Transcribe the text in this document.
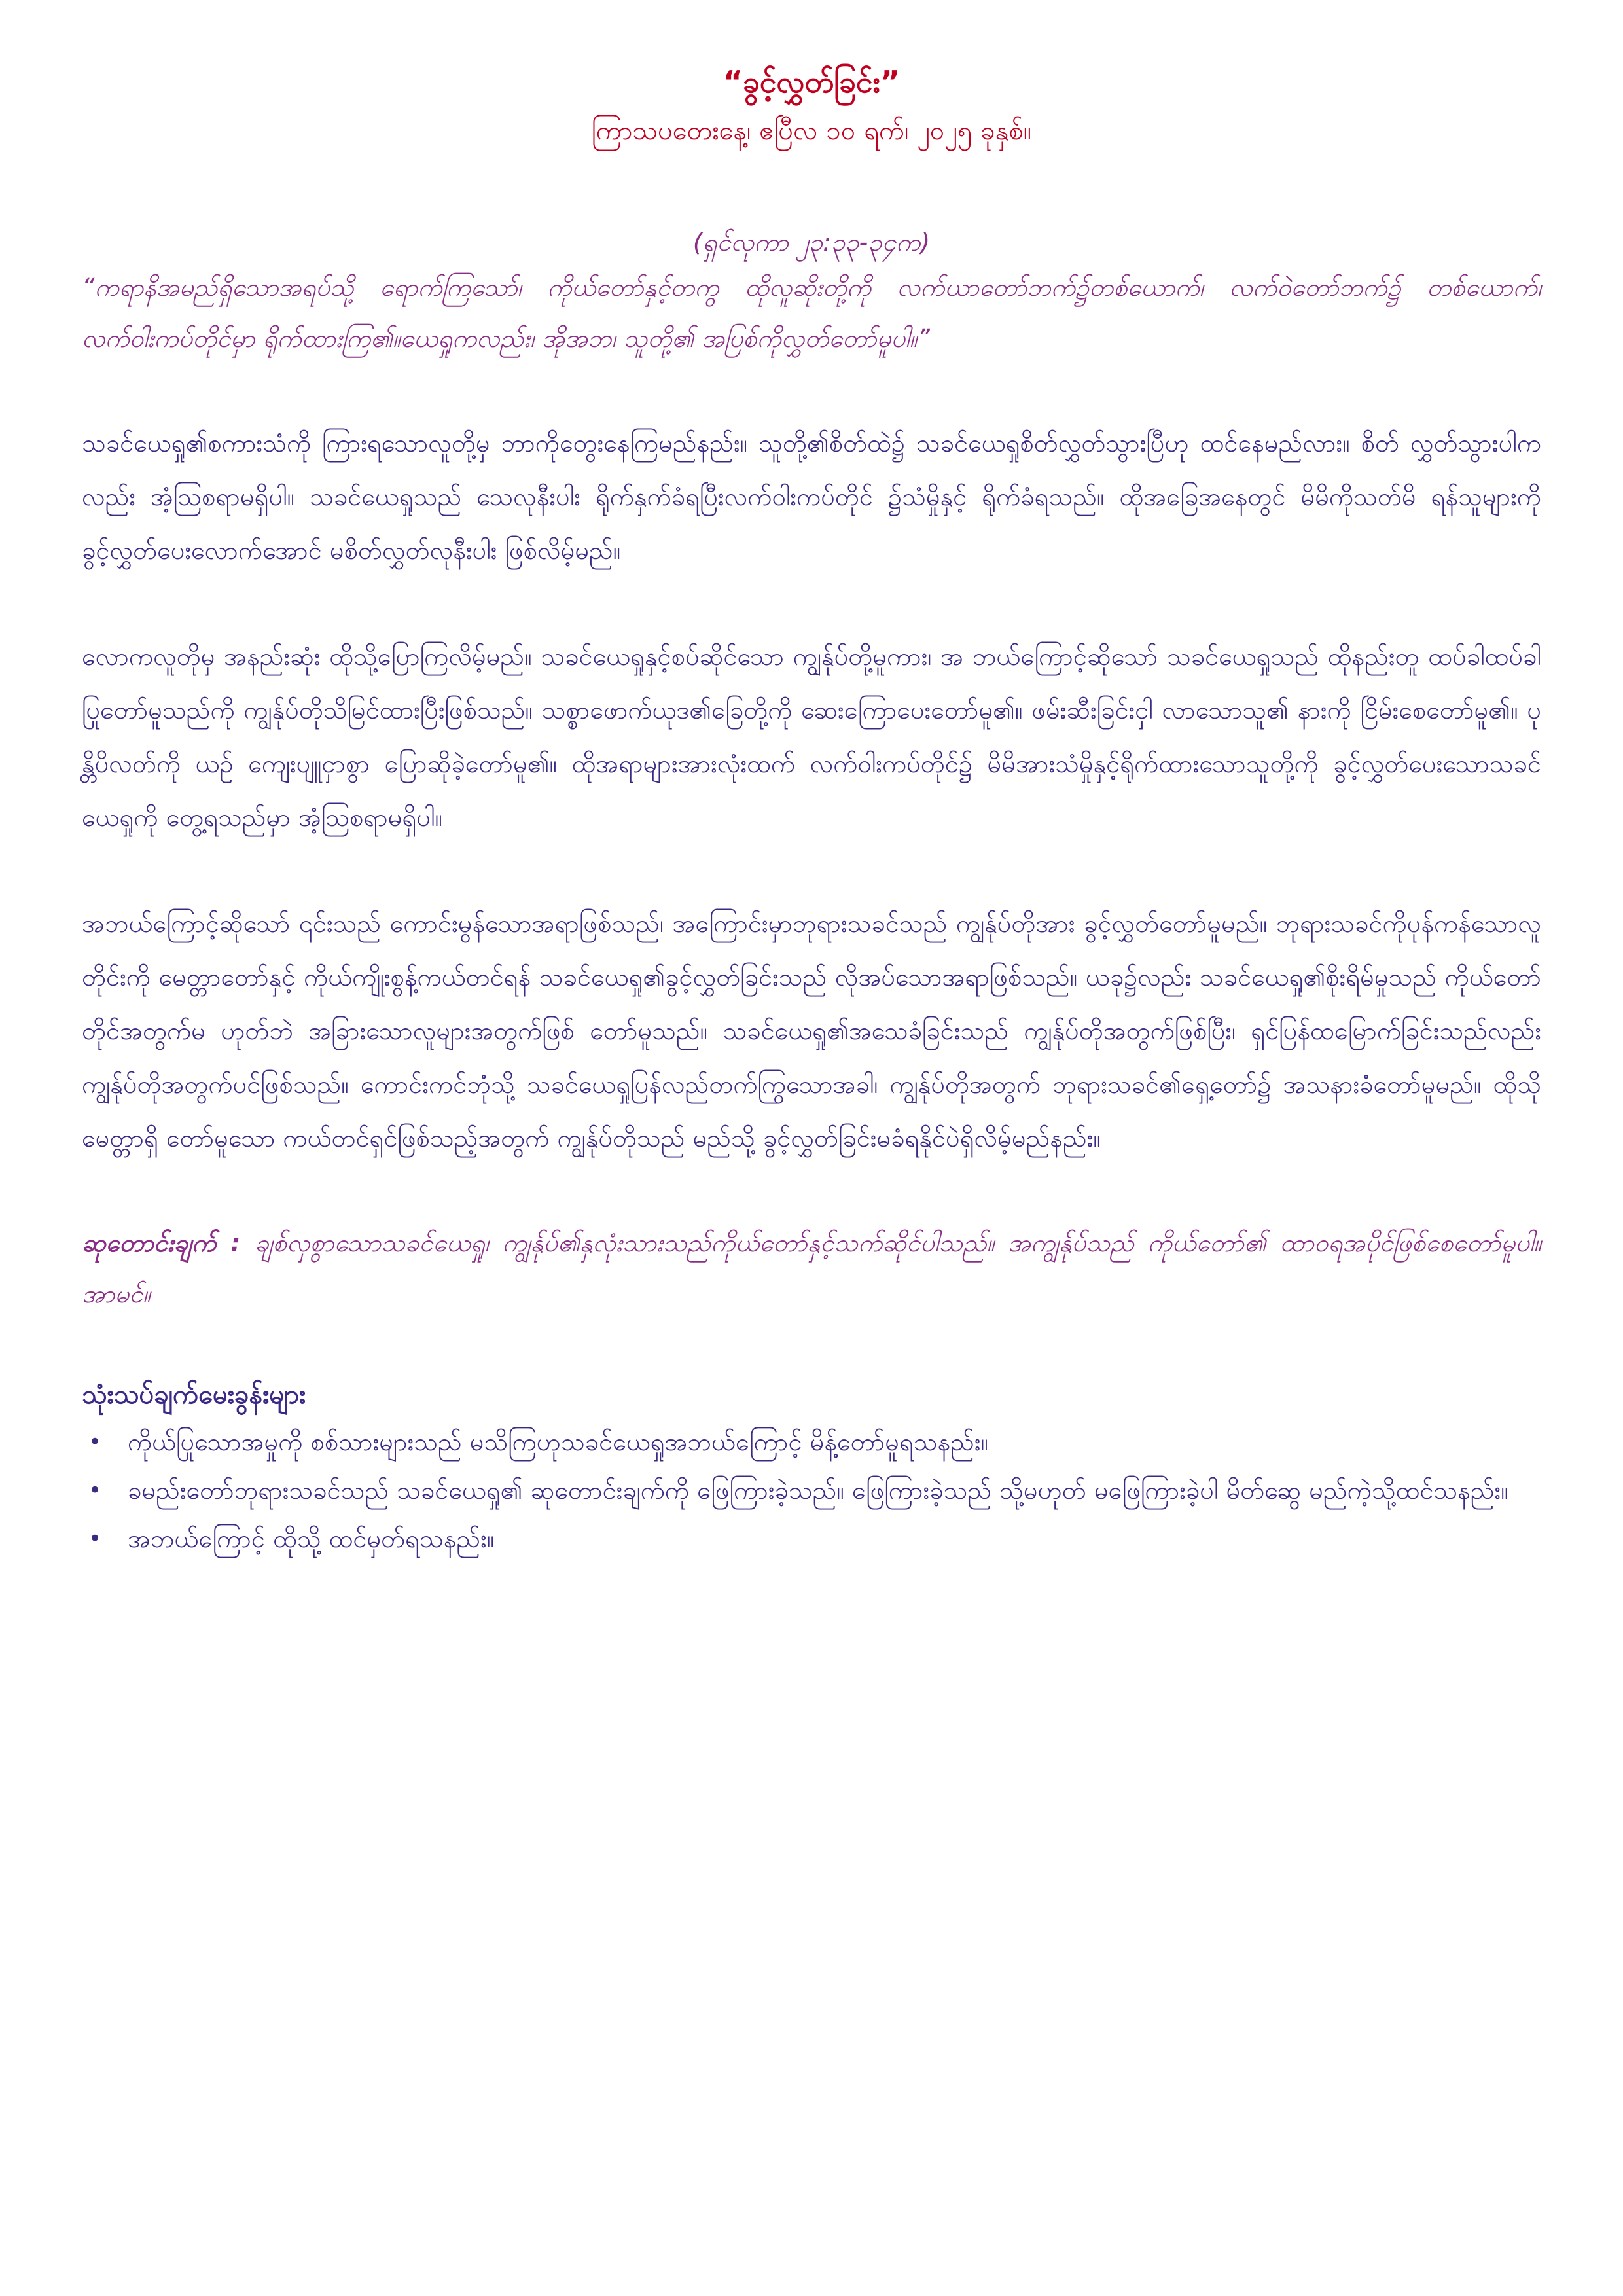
“ခွင့်လွှတ်ခြင်း”

ကြာသပတေးနေ့၊ ဧပြီလ ၁၀ ရက်၊ ၂၀၂၅ ခုနှစ်။

(ရှင်လုကာ ၂၃:၃၃-၃၄က)

“ကရာနိအမည်ရှိသောအရပ်သို့ ရောက်ကြသော်၊ ကိုယ်တော်နှင့်တကွ ထိုလူဆိုးတို့ကို လက်ယာတော်ဘက်၌တစ်ယောက်၊ လက်ဝဲတော်ဘက်၌ တစ်ယောက်၊ လက်ဝါးကပ်တိုင်မှာ ရိုက်ထားကြ၏။ယေရှုကလည်း၊ အိုအဘ၊ သူတို့၏ အပြစ်ကိုလွှတ်တော်မူပါ။”

သခင်ယေရှု၏စကားသံကို ကြားရသောလူတို့မှ ဘာကိုတွေးနေကြမည်နည်း။ သူတို့၏စိတ်ထဲ၌ သခင်ယေရှုစိတ်လွှတ်သွားပြီဟု ထင်နေမည်လား။ စိတ် လွှတ်သွားပါကလည်း အံ့သြစရာမရှိပါ။ သခင်ယေရှုသည် သေလုနီးပါး ရိုက်နှက်ခံရပြီးလက်ဝါးကပ်တိုင် ၌သံမှိုနှင့် ရိုက်ခံရသည်။ ထိုအခြေအနေတွင် မိမိကိုသတ်မိ ရန်သူများကို ခွင့်လွှတ်ပေးလောက်အောင် မစိတ်လွှတ်လုနီးပါး ဖြစ်လိမ့်မည်။

လောကလူတိုမှ အနည်းဆုံး ထိုသို့ပြောကြလိမ့်မည်။ သခင်ယေရှုနှင့်စပ်ဆိုင်သော ကျွန်ုပ်တို့မူကား၊ အ ဘယ်ကြောင့်ဆိုသော် သခင်ယေရှုသည် ထိုနည်းတူ ထပ်ခါထပ်ခါပြုတော်မူသည်ကို ကျွန်ုပ်တိုသိမြင်ထားပြီးဖြစ်သည်။ သစ္စာဖောက်ယုဒ၏ခြေတို့ကို ဆေးကြောပေးတော်မူ၏။ ဖမ်းဆီးခြင်းငှါ လာသောသူ၏ နားကို ငြိမ်းစေတော်မူ၏။ ပုန္တိပိလတ်ကို ယဉ် ကျေးပျူငှာစွာ ပြောဆိုခဲ့တော်မူ၏။ ထိုအရာများအားလုံးထက် လက်ဝါးကပ်တိုင်၌ မိမိအားသံမှိုနှင့်ရိုက်ထားသောသူတို့ကို ခွင့်လွှတ်ပေးသောသခင်ယေရှုကို တွေ့ရသည်မှာ အံ့သြစရာမရှိပါ။

အဘယ်ကြောင့်ဆိုသော် ၎င်းသည် ကောင်းမွန်သောအရာဖြစ်သည်၊ အကြောင်းမှာဘုရားသခင်သည် ကျွန်ုပ်တိုအား ခွင့်လွှတ်တော်မူမည်။ ဘုရားသခင်ကိုပုန်ကန်သောလူတိုင်းကို မေတ္တာတော်နှင့် ကိုယ်ကျိုးစွန့်ကယ်တင်ရန် သခင်ယေရှု၏ခွင့်လွှတ်ခြင်းသည် လိုအပ်သောအရာဖြစ်သည်။ ယခု၌လည်း သခင်ယေရှု၏စိုးရိမ်မှုသည် ကိုယ်တော်တိုင်အတွက်မ ဟုတ်ဘဲ အခြားသောလူများအတွက်ဖြစ် တော်မူသည်။ သခင်ယေရှု၏အသေခံခြင်းသည် ကျွန်ုပ်တိုအတွက်ဖြစ်ပြီး၊ ရှင်ပြန်ထမြောက်ခြင်းသည်လည်းကျွန်ုပ်တိုအတွက်ပင်ဖြစ်သည်။ ကောင်းကင်ဘုံသို့ သခင်ယေရှုပြန်လည်တက်ကြွသောအခါ၊ ကျွန်ုပ်တိုအတွက် ဘုရားသခင်၏ရှေ့တော်၌ အသနားခံတော်မူမည်။ ထိုသိုမေတ္တာရှိ တော်မူသော ကယ်တင်ရှင်ဖြစ်သည့်အတွက် ကျွန်ုပ်တိုသည် မည်သို့ ခွင့်လွှတ်ခြင်းမခံရနိုင်ပဲရှိလိမ့်မည်နည်း။

ဆုတောင်းချက် : ချစ်လှစွာသောသခင်ယေရှု၊ ကျွန်ုပ်၏နှလုံးသားသည်ကိုယ်တော်နှင့်သက်ဆိုင်ပါသည်။ အကျွန်ုပ်သည် ကိုယ်တော်၏ ထာဝရအပိုင်ဖြစ်စေတော်မူပါ။ အာမင်။

သုံးသပ်ချက်မေးခွန်းများ
• ကိုယ်ပြုသောအမှုကို စစ်သားများသည် မသိကြဟုသခင်ယေရှုအဘယ်ကြောင့် မိန့်တော်မူရသနည်း။
• ခမည်းတော်ဘုရားသခင်သည် သခင်ယေရှု၏ ဆုတောင်းချက်ကို ဖြေကြားခဲ့သည်။ ဖြေကြားခဲ့သည် သို့မဟုတ် မဖြေကြားခဲ့ပါ မိတ်ဆွေ မည်ကဲ့သို့ထင်သနည်း။
• အဘယ်ကြောင့် ထိုသို့ ထင်မှတ်ရသနည်း။
